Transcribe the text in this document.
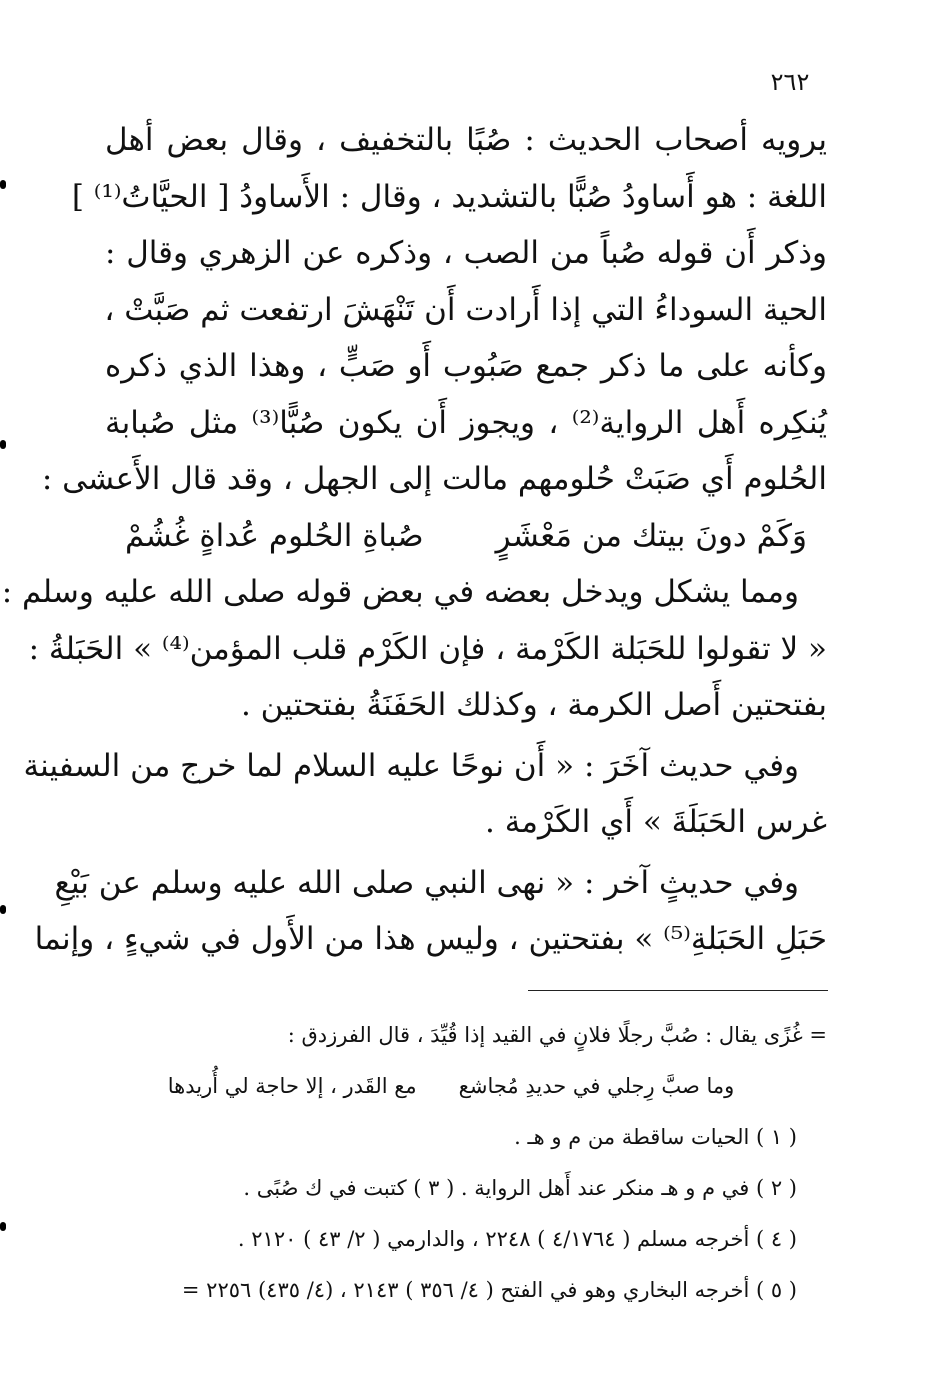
٢٦٢
يرويه أصحاب الحديث : صُبًا بالتخفيف ، وقال بعض أهل
اللغة : هو أَساودُ صُبًّا بالتشديد ، وقال : الأَساودُ [ الحيَّاتُ⁽¹⁾ ]
وذكر أَن قوله صُباً من الصب ، وذكره عن الزهري وقال :
الحية السوداءُ التي إذا أَرادت أَن تَنْهَشَ ارتفعت ثم صَبَّتْ ،
وكأنه على ما ذكر جمع صَبُوب أَو صَبٍّ ، وهذا الذي ذكره
يُنكِره أَهل الرواية⁽²⁾ ، ويجوز أَن يكون صُبًّا⁽³⁾ مثل صُبابة
الحُلوم أَي صَبَتْ حُلومهم مالت إلى الجهل ، وقد قال الأَعشى :
وَكَمْ دونَ بيتك من مَعْشَرٍ
صُباةِ الحُلوم عُداةٍ غُشُمْ
ومما يشكل ويدخل بعضه في بعض قوله صلى الله عليه وسلم :
« لا تقولوا للحَبَلة الكَرْمة ، فإن الكَرْم قلب المؤمن⁽⁴⁾ » الحَبَلةُ :
بفتحتين أَصل الكرمة ، وكذلك الحَفَنَةُ بفتحتين .
وفي حديث آخَرَ : « أَن نوحًا عليه السلام لما خرج من السفينة
غرس الحَبَلَةَ » أَي الكَرْمة .
وفي حديثٍ آخر : « نهى النبي صلى الله عليه وسلم عن بَيْعِ
حَبَلِ الحَبَلةِ⁽⁵⁾ » بفتحتين ، وليس هذا من الأَول في شيءٍ ، وإنما
= غُزًى يقال : صُبَّ رجلًا فلانٍ في القيد إذا قُيِّدَ ، قال الفرزدق :
وما صبَّ رِجلي في حديدِ مُجاشع
مع القَدر ، إلا حاجة لي أُريدها
( ١ ) الحيات ساقطة من م و هـ .
( ٢ ) في م و هـ منكر عند أَهل الرواية . ( ٣ ) كتبت في ك صُبًى .
( ٤ ) أخرجه مسلم ( ٤/١٧٦٤ ) ٢٢٤٨ ، والدارمي ( ٢/ ٤٣ ) ٢١٢٠ .
( ٥ ) أخرجه البخاري وهو في الفتح ( ٤/ ٣٥٦ ) ٢١٤٣ ، (٤/ ٤٣٥) ٢٢٥٦ =
